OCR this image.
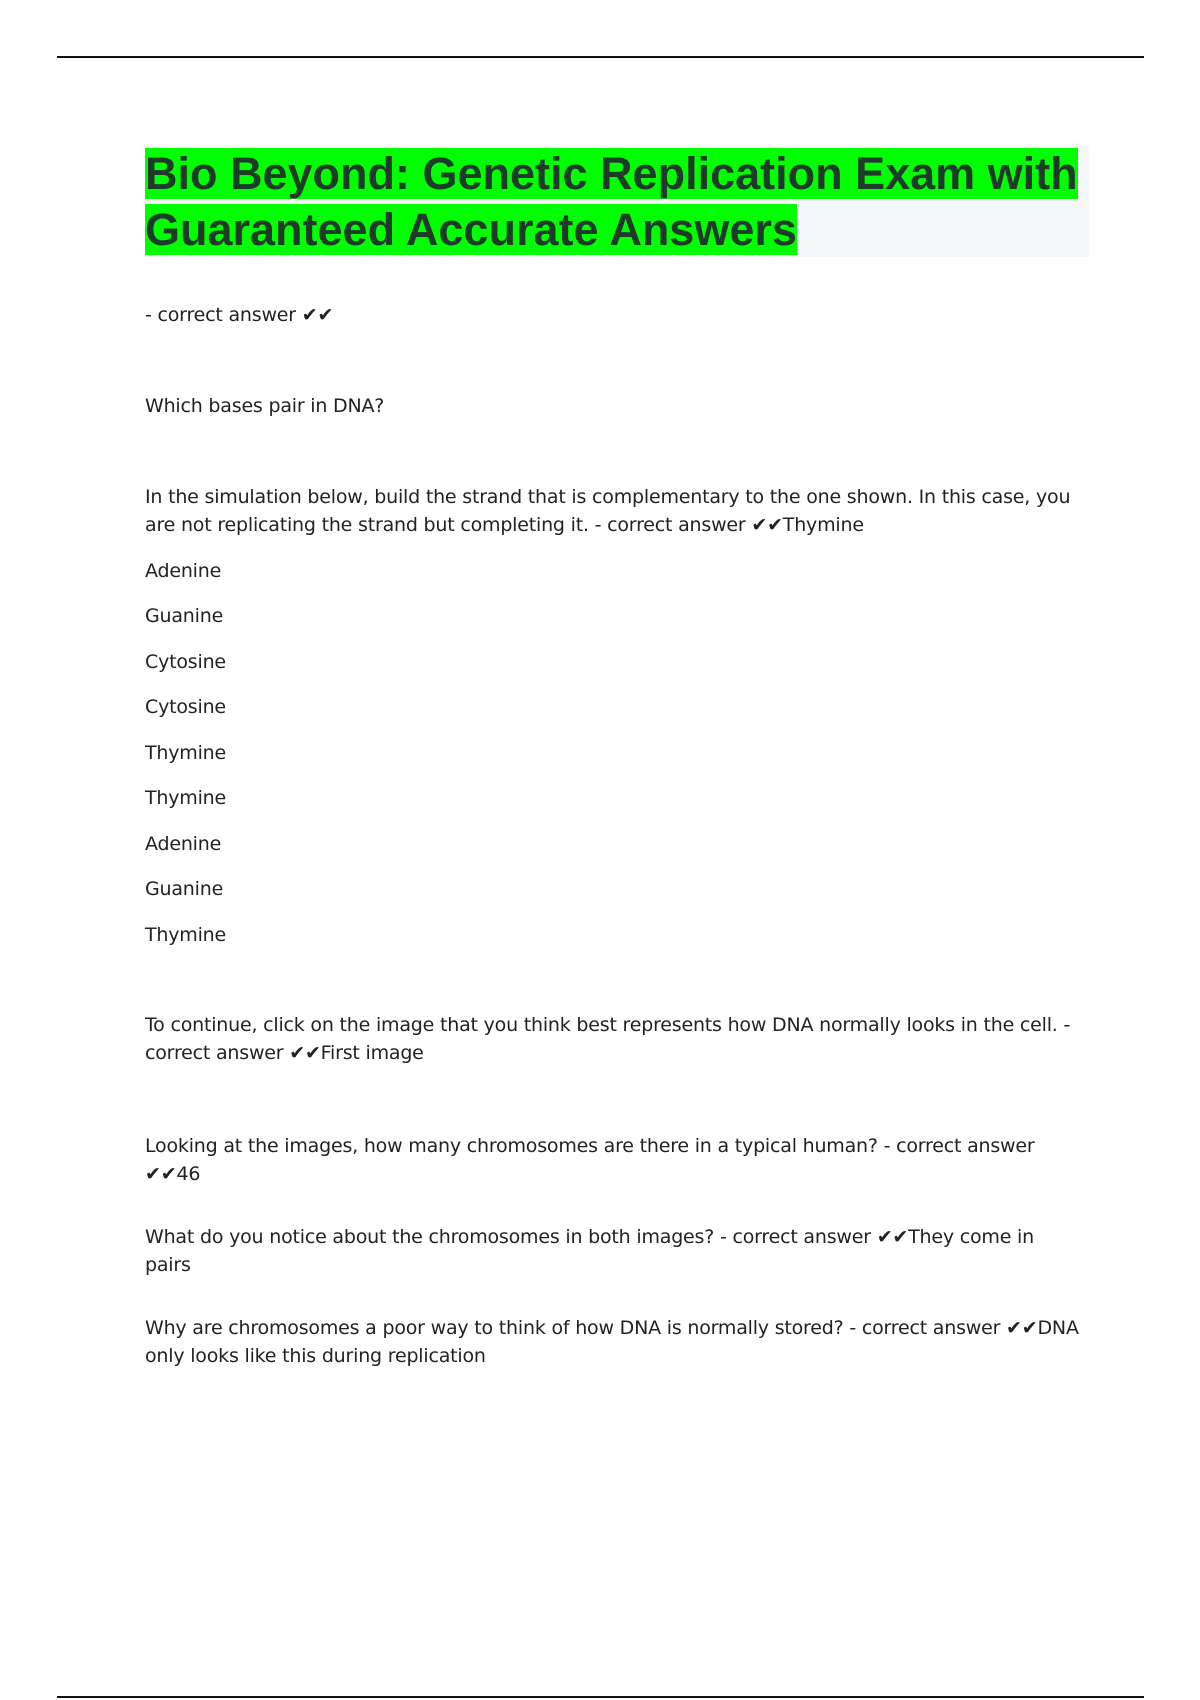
Bio Beyond: Genetic Replication Exam with Guaranteed Accurate Answers

- correct answer ✔✔

Which bases pair in DNA?

In the simulation below, build the strand that is complementary to the one shown. In this case, you are not replicating the strand but completing it. - correct answer ✔✔Thymine

Adenine

Guanine

Cytosine

Cytosine

Thymine

Thymine

Adenine

Guanine

Thymine

To continue, click on the image that you think best represents how DNA normally looks in the cell. - correct answer ✔✔First image

Looking at the images, how many chromosomes are there in a typical human? - correct answer ✔✔46

What do you notice about the chromosomes in both images? - correct answer ✔✔They come in pairs

Why are chromosomes a poor way to think of how DNA is normally stored? - correct answer ✔✔DNA only looks like this during replication
